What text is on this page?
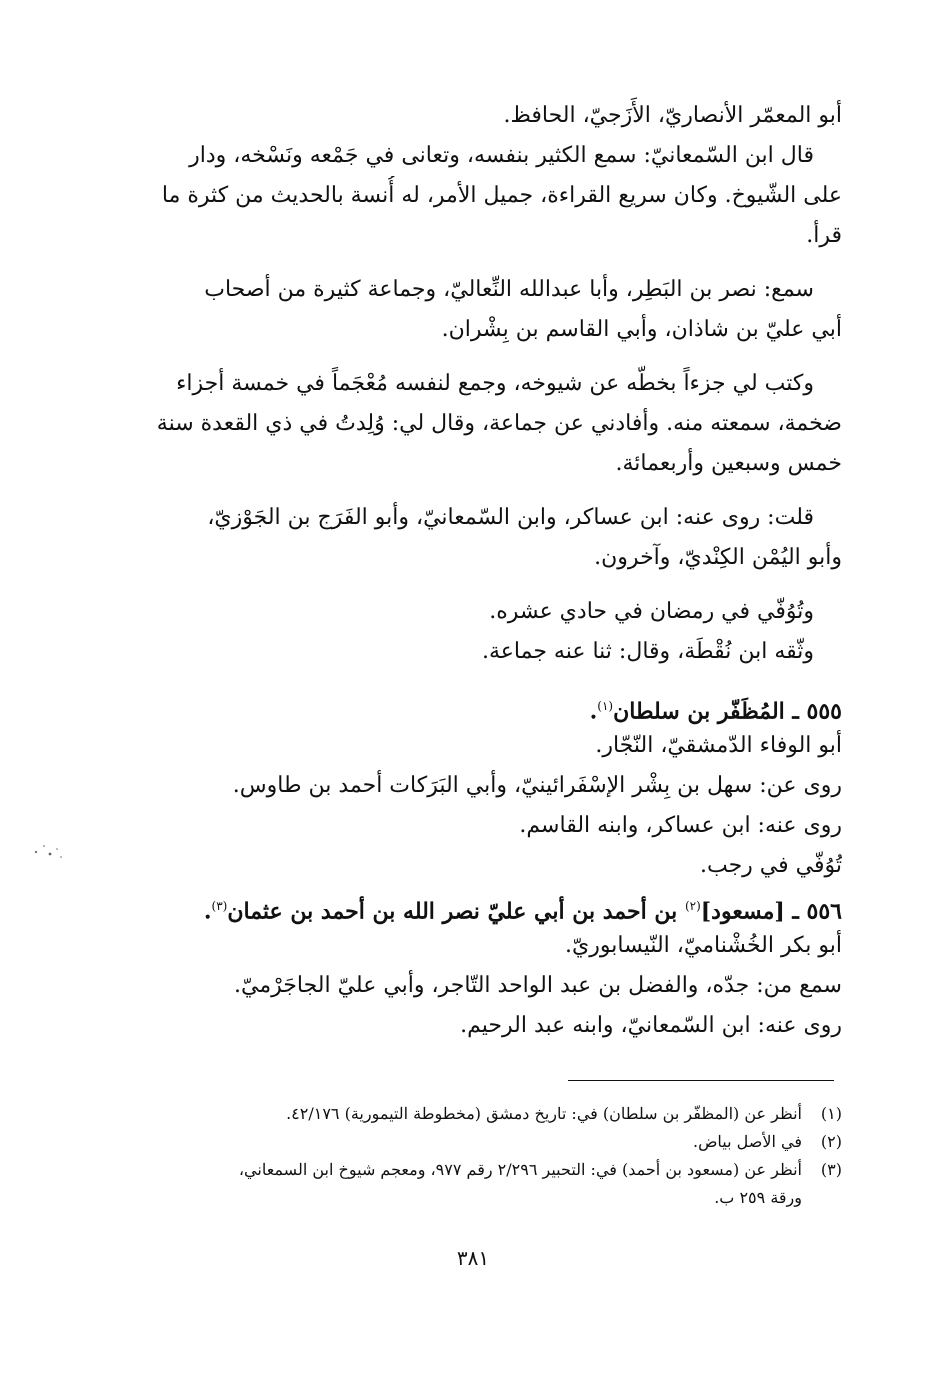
أبو المعمّر الأنصاريّ، الأَزَجيّ، الحافظ.
قال ابن السّمعانيّ: سمع الكثير بنفسه، وتعانى في جَمْعه ونَسْخه، ودار
على الشّيوخ. وكان سريع القراءة، جميل الأمر، له أُنسة بالحديث من كثرة ما
قرأ.
سمع: نصر بن البَطِر، وأبا عبدالله النِّعاليّ، وجماعة كثيرة من أصحاب
أبي عليّ بن شاذان، وأبي القاسم بن بِشْران.
وكتب لي جزءاً بخطّه عن شيوخه، وجمع لنفسه مُعْجَماً في خمسة أجزاء
ضخمة، سمعته منه. وأفادني عن جماعة، وقال لي: وُلِدتُ في ذي القعدة سنة
خمس وسبعين وأربعمائة.
قلت: روى عنه: ابن عساكر، وابن السّمعانيّ، وأبو الفَرَج بن الجَوْزيّ،
وأبو اليُمْن الكِنْديّ، وآخرون.
وتُوُفّي في رمضان في حادي عشره.
وثّقه ابن نُقْطَة، وقال: ثنا عنه جماعة.
٥٥٥ ـ المُظَفّر بن سلطان$^{(١)}$.
أبو الوفاء الدّمشقيّ، النّجّار.
روى عن: سهل بن بِشْر الإسْفَرائينيّ، وأبي البَرَكات أحمد بن طاوس.
روى عنه: ابن عساكر، وابنه القاسم.
تُوُفّي في رجب.
٥٥٦ ـ [مسعود]$^{(٢)}$ بن أحمد بن أبي عليّ نصر الله بن أحمد بن عثمان$^{(٣)}$.
أبو بكر الخُشْناميّ، النّيسابوريّ.
سمع من: جدّه، والفضل بن عبد الواحد التّاجر، وأبي عليّ الجاجَرْميّ.
روى عنه: ابن السّمعانيّ، وابنه عبد الرحيم.
(١)
أنظر عن (المظفّر بن سلطان) في: تاريخ دمشق (مخطوطة التيمورية) ٤٢/١٧٦.
(٢)
في الأصل بياض.
(٣)
أنظر عن (مسعود بن أحمد) في: التحبير ٢/٢٩٦ رقم ٩٧٧، ومعجم شيوخ ابن السمعاني،
ورقة ٢٥٩ ب.
٣٨١
